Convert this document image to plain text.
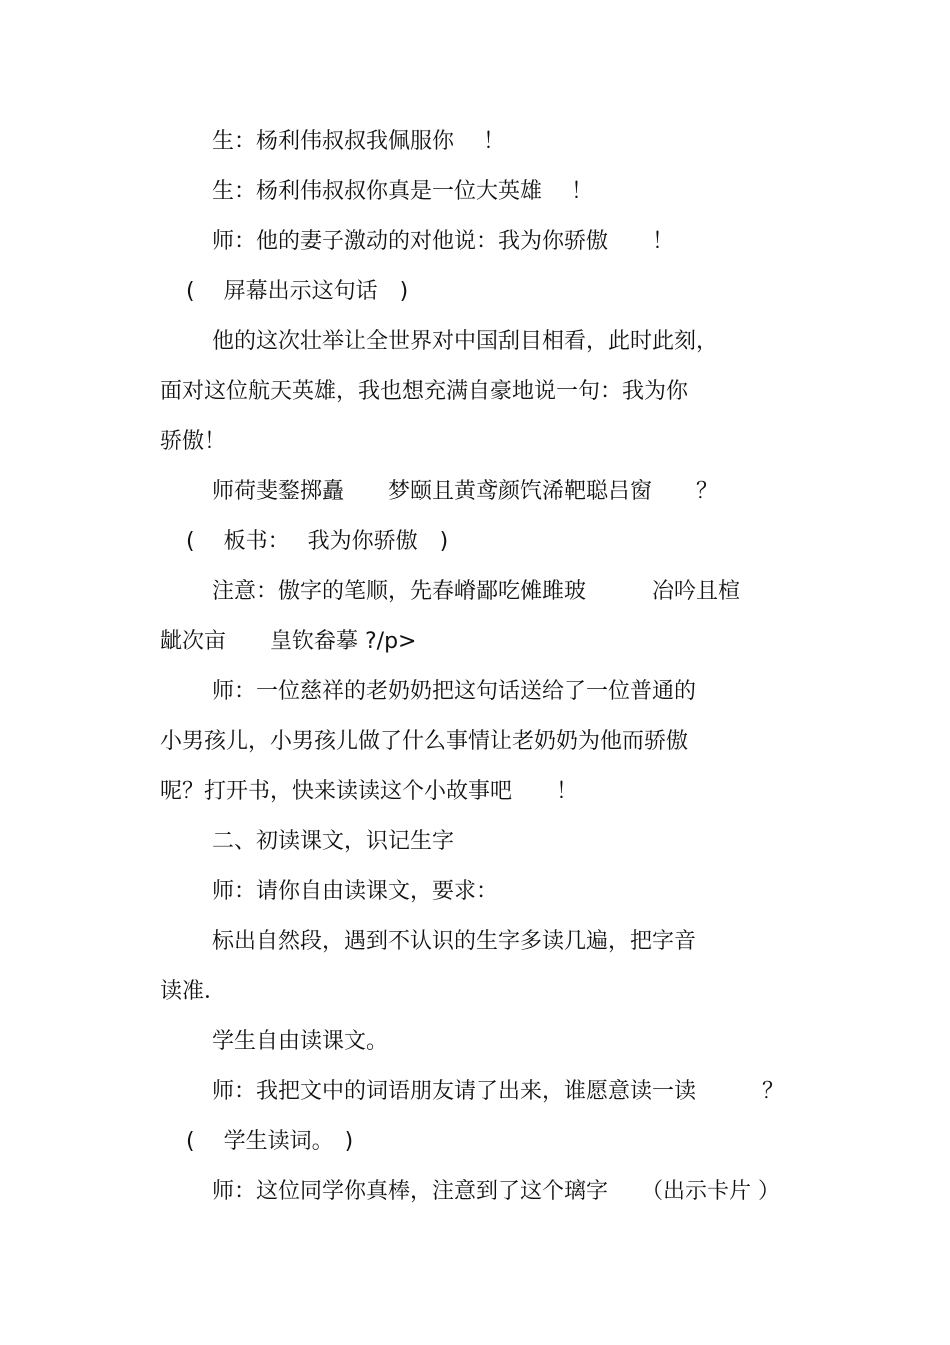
生：杨利伟叔叔我佩服你　 ！
生：杨利伟叔叔你真是一位大英雄　 ！
师：他的妻子激动的对他说：我为你骄傲　　！
(　 屏幕出示这句话　)
他的这次壮举让全世界对中国刮目相看，此时此刻，
面对这位航天英雄，我也想充满自豪地说一句：我为你
骄傲！
师荷斐鍪掷矗　　梦颐且黄鸢颜饩浠靶聪吕窗　　？
(　 板书：　 我为你骄傲　)
注意：傲字的笔顺，先春嵴鄙吃傩雎玻　　　冶吟且楦
龇次亩　　皇钦畚摹 ?/p>
师：一位慈祥的老奶奶把这句话送给了一位普通的
小男孩儿，小男孩儿做了什么事情让老奶奶为他而骄傲
呢？打开书，快来读读这个小故事吧　　！
二、初读课文，识记生字
师：请你自由读课文，要求：
标出自然段，遇到不认识的生字多读几遍，把字音
读准．
学生自由读课文。
师：我把文中的词语朋友请了出来，谁愿意读一读　　　？
(　 学生读词。　)
师：这位同学你真棒，注意到了这个璃字　　（出示卡片 ）
